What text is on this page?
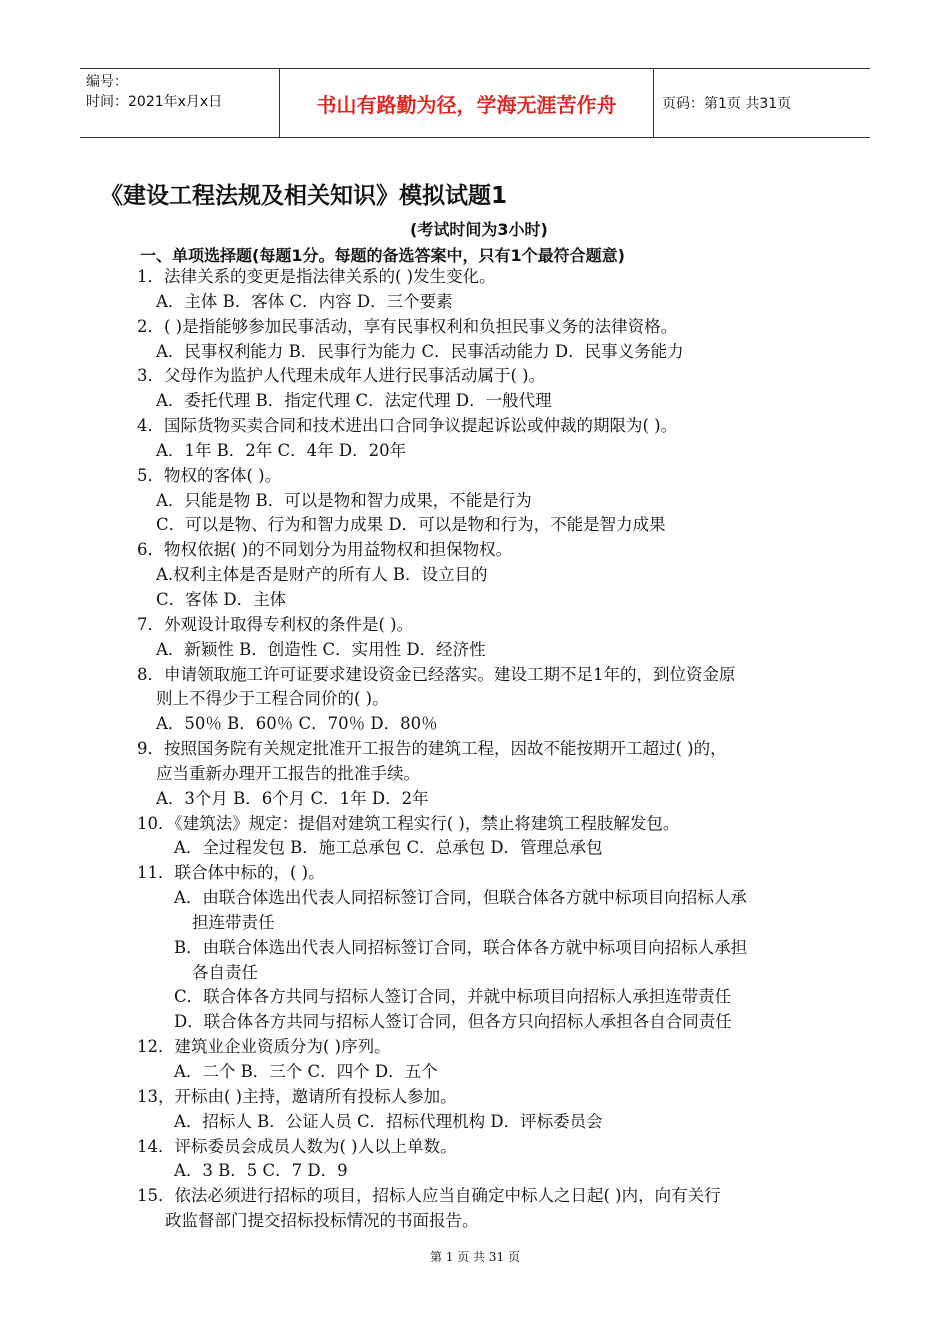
编号：
时间：2021年x月x日	书山有路勤为径，学海无涯苦作舟	页码：第1页 共31页
《建设工程法规及相关知识》模拟试题1
(考试时间为3小时)
一、单项选择题(每题1分。每题的备选答案中，只有1个最符合题意)
1．法律关系的变更是指法律关系的( )发生变化。
A．主体 B．客体 C．内容 D．三个要素
2．( )是指能够参加民事活动，享有民事权利和负担民事义务的法律资格。
A．民事权利能力 B．民事行为能力 C．民事活动能力 D．民事义务能力
3．父母作为监护人代理未成年人进行民事活动属于( )。
A．委托代理 B．指定代理 C．法定代理 D．一般代理
4．国际货物买卖合同和技术进出口合同争议提起诉讼或仲裁的期限为( )。
A．1年 B．2年 C．4年 D．20年
5．物权的客体( )。
A．只能是物 B．可以是物和智力成果，不能是行为
C．可以是物、行为和智力成果 D．可以是物和行为，不能是智力成果
6．物权依据( )的不同划分为用益物权和担保物权。
A.权利主体是否是财产的所有人 B．设立目的
C．客体 D．主体
7．外观设计取得专利权的条件是( )。
A．新颖性 B．创造性 C．实用性 D．经济性
8．申请领取施工许可证要求建设资金已经落实。建设工期不足1年的，到位资金原
则上不得少于工程合同价的( )。
A．50％ B．60％ C．70％ D．80％
9．按照国务院有关规定批准开工报告的建筑工程，因故不能按期开工超过( )的，
应当重新办理开工报告的批准手续。
A．3个月 B．6个月 C．1年 D．2年
10．《建筑法》规定：提倡对建筑工程实行( )，禁止将建筑工程肢解发包。
A．全过程发包 B．施工总承包 C．总承包 D．管理总承包
11．联合体中标的，( )。
A．由联合体选出代表人同招标签订合同，但联合体各方就中标项目向招标人承
担连带责任
B．由联合体选出代表人同招标签订合同，联合体各方就中标项目向招标人承担
各自责任
C．联合体各方共同与招标人签订合同，并就中标项目向招标人承担连带责任
D．联合体各方共同与招标人签订合同，但各方只向招标人承担各自合同责任
12．建筑业企业资质分为( )序列。
A．二个 B．三个 C．四个 D．五个
13，开标由( )主持，邀请所有投标人参加。
A．招标人 B．公证人员 C．招标代理机构 D．评标委员会
14．评标委员会成员人数为( )人以上单数。
A．3 B．5 C．7 D．9
15．依法必须进行招标的项目，招标人应当自确定中标人之日起( )内，向有关行
政监督部门提交招标投标情况的书面报告。
第 1 页 共 31 页
